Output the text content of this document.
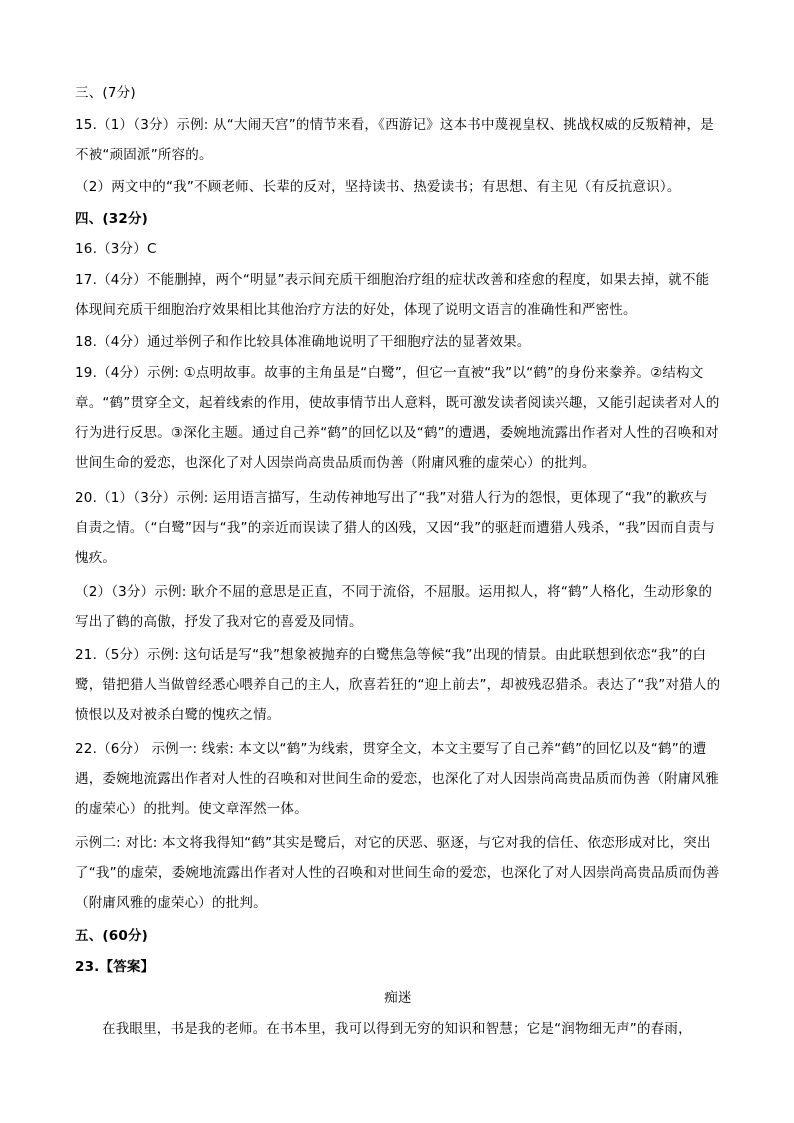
三、(7分)
15.（1）（3分）示例: 从“大闹天宫”的情节来看，《西游记》这本书中蔑视皇权、挑战权威的反叛精神，是不被“顽固派”所容的。
（2）两文中的“我”不顾老师、长辈的反对，坚持读书、热爱读书；有思想、有主见（有反抗意识）。
四、(32分)
16.（3分）C
17.（4分）不能删掉，两个“明显”表示间充质干细胞治疗组的症状改善和痊愈的程度，如果去掉，就不能体现间充质干细胞治疗效果相比其他治疗方法的好处，体现了说明文语言的准确性和严密性。
18.（4分）通过举例子和作比较具体准确地说明了干细胞疗法的显著效果。
19.（4分）示例: ①点明故事。故事的主角虽是“白鹭”，但它一直被“我”以“鹤”的身份来豢养。②结构文章。“鹤”贯穿全文，起着线索的作用，使故事情节出人意料，既可激发读者阅读兴趣，又能引起读者对人的行为进行反思。③深化主题。通过自己养“鹤”的回忆以及“鹤”的遭遇，委婉地流露出作者对人性的召唤和对世间生命的爱恋，也深化了对人因崇尚高贵品质而伪善（附庸风雅的虚荣心）的批判。
20.（1）（3分）示例: 运用语言描写，生动传神地写出了“我”对猎人行为的怨恨，更体现了“我”的歉疚与自责之情。（“白鹭”因与“我”的亲近而误读了猎人的凶残，又因“我”的驱赶而遭猎人残杀，“我”因而自责与愧疚。
（2）（3分）示例: 耿介不屈的意思是正直，不同于流俗，不屈服。运用拟人，将“鹤”人格化，生动形象的写出了鹤的高傲，抒发了我对它的喜爱及同情。
21.（5分）示例: 这句话是写“我”想象被抛弃的白鹭焦急等候“我”出现的情景。由此联想到依恋“我”的白鹭，错把猎人当做曾经悉心喂养自己的主人，欣喜若狂的“迎上前去”，却被残忍猎杀。表达了“我”对猎人的愤恨以及对被杀白鹭的愧疚之情。
22.（6分） 示例一: 线索: 本文以“鹤”为线索，贯穿全文，本文主要写了自己养“鹤”的回忆以及“鹤”的遭遇，委婉地流露出作者对人性的召唤和对世间生命的爱恋，也深化了对人因崇尚高贵品质而伪善（附庸风雅的虚荣心）的批判。使文章浑然一体。
示例二: 对比: 本文将我得知“鹤”其实是鹭后，对它的厌恶、驱逐，与它对我的信任、依恋形成对比，突出了“我”的虚荣，委婉地流露出作者对人性的召唤和对世间生命的爱恋，也深化了对人因崇尚高贵品质而伪善（附庸风雅的虚荣心）的批判。
五、(60分)
23.【答案】
痴迷
在我眼里，书是我的老师。在书本里，我可以得到无穷的知识和智慧；它是“润物细无声”的春雨，
